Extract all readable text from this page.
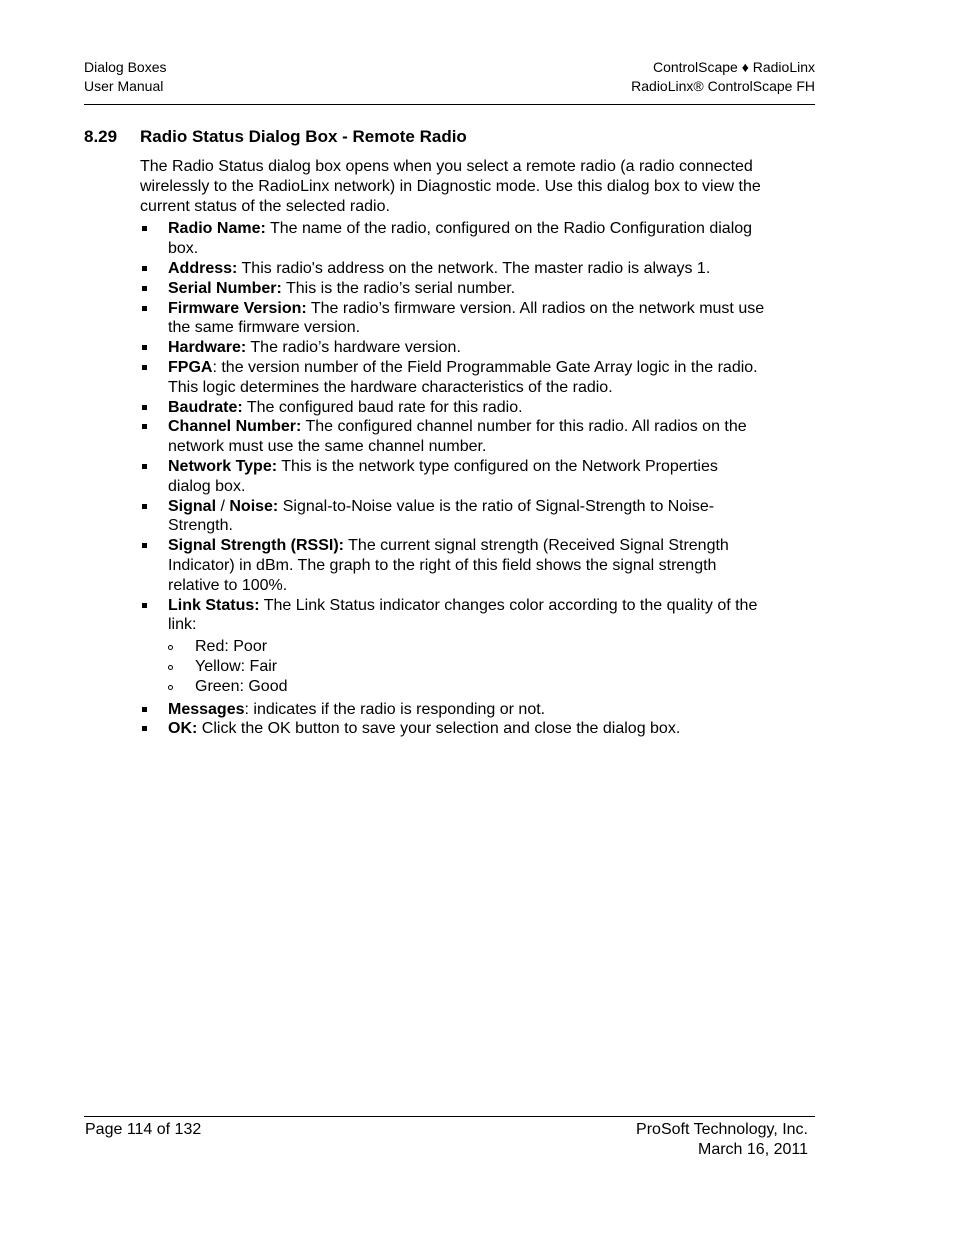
Dialog Boxes
User Manual
ControlScape ♦ RadioLinx
RadioLinx® ControlScape FH
8.29 Radio Status Dialog Box - Remote Radio

The Radio Status dialog box opens when you select a remote radio (a radio connected wirelessly to the RadioLinx network) in Diagnostic mode. Use this dialog box to view the current status of the selected radio.

Radio Name: The name of the radio, configured on the Radio Configuration dialog box.
Address: This radio's address on the network. The master radio is always 1.
Serial Number: This is the radio’s serial number.
Firmware Version: The radio’s firmware version. All radios on the network must use the same firmware version.
Hardware: The radio’s hardware version.
FPGA: the version number of the Field Programmable Gate Array logic in the radio. This logic determines the hardware characteristics of the radio.
Baudrate: The configured baud rate for this radio.
Channel Number: The configured channel number for this radio. All radios on the network must use the same channel number.
Network Type: This is the network type configured on the Network Properties dialog box.
Signal / Noise: Signal-to-Noise value is the ratio of Signal-Strength to Noise-Strength.
Signal Strength (RSSI): The current signal strength (Received Signal Strength Indicator) in dBm. The graph to the right of this field shows the signal strength relative to 100%.
Link Status: The Link Status indicator changes color according to the quality of the link:
Red: Poor
Yellow: Fair
Green: Good
Messages: indicates if the radio is responding or not.
OK: Click the OK button to save your selection and close the dialog box.
Page 114 of 132	ProSoft Technology, Inc.
March 16, 2011
